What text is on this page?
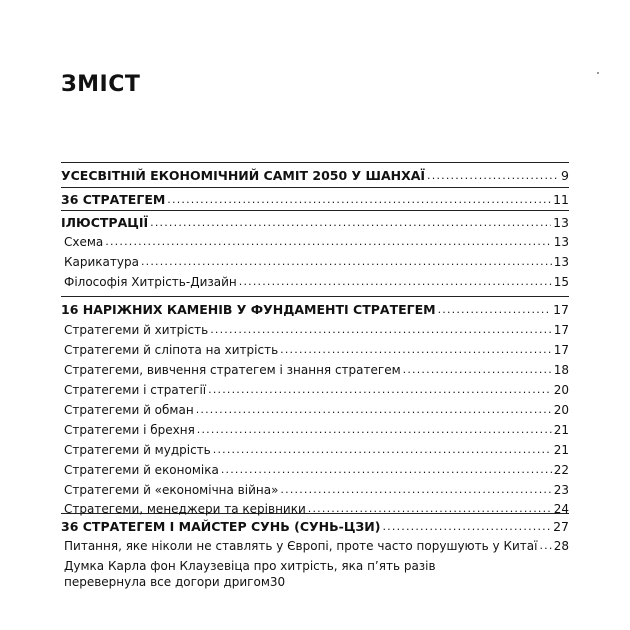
ЗМІСТ
УСЕСВІТНІЙ ЕКОНОМІЧНИЙ САМІТ 2050 У ШАНХАЇ .....	9
36 СТРАТЕГЕМ .....	11
ІЛЮСТРАЦІЇ .....	13
Схема .....	13
Карикатура .....	13
Філософія Хитрість-Дизайн .....	15
16 НАРІЖНИХ КАМЕНІВ У ФУНДАМЕНТІ СТРАТЕГЕМ .....	17
Стратегеми й хитрість .....	17
Стратегеми й сліпота на хитрість .....	17
Стратегеми, вивчення стратегем і знання стратегем .....	18
Стратегеми і стратегії .....	20
Стратегеми й обман .....	20
Стратегеми і брехня .....	21
Стратегеми й мудрість .....	21
Стратегеми й економіка .....	22
Стратегеми й «економічна війна» .....	23
Стратегеми, менеджери та керівники .....	24
36 СТРАТЕГЕМ І МАЙСТЕР СУНЬ (СУНЬ-ЦЗИ) .....	27
Питання, яке ніколи не ставлять у Європі, проте часто порушують у Китаї ..... 28
Думка Карла фон Клаузевіца про хитрість, яка п’ять разів
перевернула все догори дригом 30
